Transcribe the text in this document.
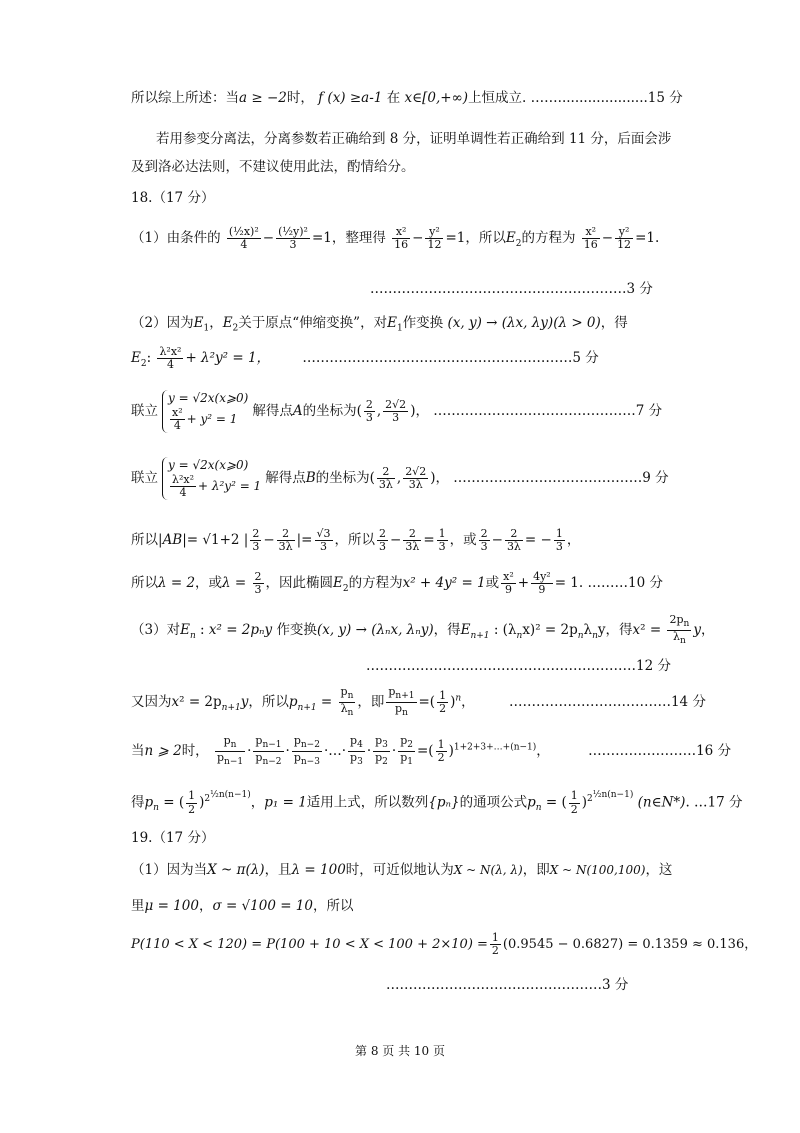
所以综上所述：当a ≥ −2时， f (x) ≥a-1 在 x∈[0,+∞)上恒成立. …….....................15 分
若用参变分离法，分离参数若正确给到 8 分，证明单调性若正确给到 11 分，后面会涉
及到洛必达法则，不建议使用此法，酌情给分。
18.（17 分）
（1）由条件的 $\frac{\text{(½x)²}}{4} - \frac{\text{(½y)²}}{3} =1$，整理得 $\frac{\text{x²}}{16} - \frac{\text{y²}}{12} =1$，所以$E_2$的方程为 $\frac{\text{x²}}{16} - \frac{\text{y²}}{12} =1$.
…………………………………………………3 分
（2）因为$E_1$，$E_2$关于原点“伸缩变换”，对$E_1$作变换 (x, y) → (λx, λy)(λ > 0)，得
$E_2$: $\frac{\text{λ²x²}}{4} + \lambda^2y^2 = 1$， ……………………………………………………5 分
联立
y = √2x(x⩾0)
$\frac{\text{x²}}{4} + y^2 = 1$
解得点A的坐标为( $\frac{2}{3}$ , $\frac{2√2}{3}$ )， ………………………………………7 分
联立
y = √2x(x⩾0)
$\frac{\text{λ²x²}}{4} + \lambda^2y^2 = 1$
解得点B的坐标为( $\frac{2}{3\lambda}$ , $\frac{2√2}{3\lambda}$ )， ……………………………………9 分
所以|AB|= √1+2 | $\frac{2}{3} - \frac{2}{3\lambda}$ |= $\frac{√3}{3}$ ，所以 $\frac{2}{3} - \frac{2}{3\lambda} = \frac{1}{3}$ ，或 $\frac{2}{3} - \frac{2}{3\lambda}$ = − $\frac{1}{3}$ ，
所以λ = 2，或$\lambda = \frac{2}{3}$ ，因此椭圆$E_2$的方程为x² + 4y² = 1或 $\frac{\text{x²}}{9} + \frac{\text{4y²}}{9} = 1$. ………10 分
（3）对$E_n$ : x² = 2pₙy 作变换(x, y) → (λₙx, λₙy)，得$E_{n+1}$ : $(\lambda_nx)^2 = 2p_n\lambda_ny$，得$x^2 = \frac{2p_n}{\lambda_n}$ y，
……………………………………………………12 分
又因为$x^2 = 2p_{n+1}y$，所以$p_{n+1} = \frac{p_n}{\lambda_n}$ ，即 $\frac{p_{n+1}}{p_n}$ =( $\frac{1}{2} )^n$， ………………………………14 分
当n ⩾ 2时， $\frac{p_n}{p_{n-1}} \cdot \frac{p_{n-1}}{p_{n-2}} \cdot \frac{p_{n-2}}{p_{n-3}}$ ·…· $\frac{p_4}{p_3} \cdot \frac{p_3}{p_2} \cdot \frac{p_2}{p_1}$ =( $\frac{1}{2} )^{1+2+3+\dots+(n-1)}$，	……………………16 分
得$p_n$ = ( $\frac{1}{2} )^{2^{\frac{1}{2}n(n-1)}}$，p₁ = 1适用上式，所以数列{pₙ}的通项公式$p_n$ = ( $\frac{1}{2} )^{2^{\frac{1}{2}n(n-1)}}$ (n∈N*). …17 分
19.（17 分）
（1）因为当X ~ π(λ)，且λ = 100时，可近似地认为X ~ N(λ, λ)，即X ~ N(100,100)，这
里μ = 100，σ = √100 = 10，所以
$P(110 < X < 120) = P(100 + 10 < X < 100 + 2\times 10) = \frac{1}{2} (0.9545 - 0.6827) = 0.1359 \approx 0.136$，
…………………………………………3 分
第 8 页 共 10 页
